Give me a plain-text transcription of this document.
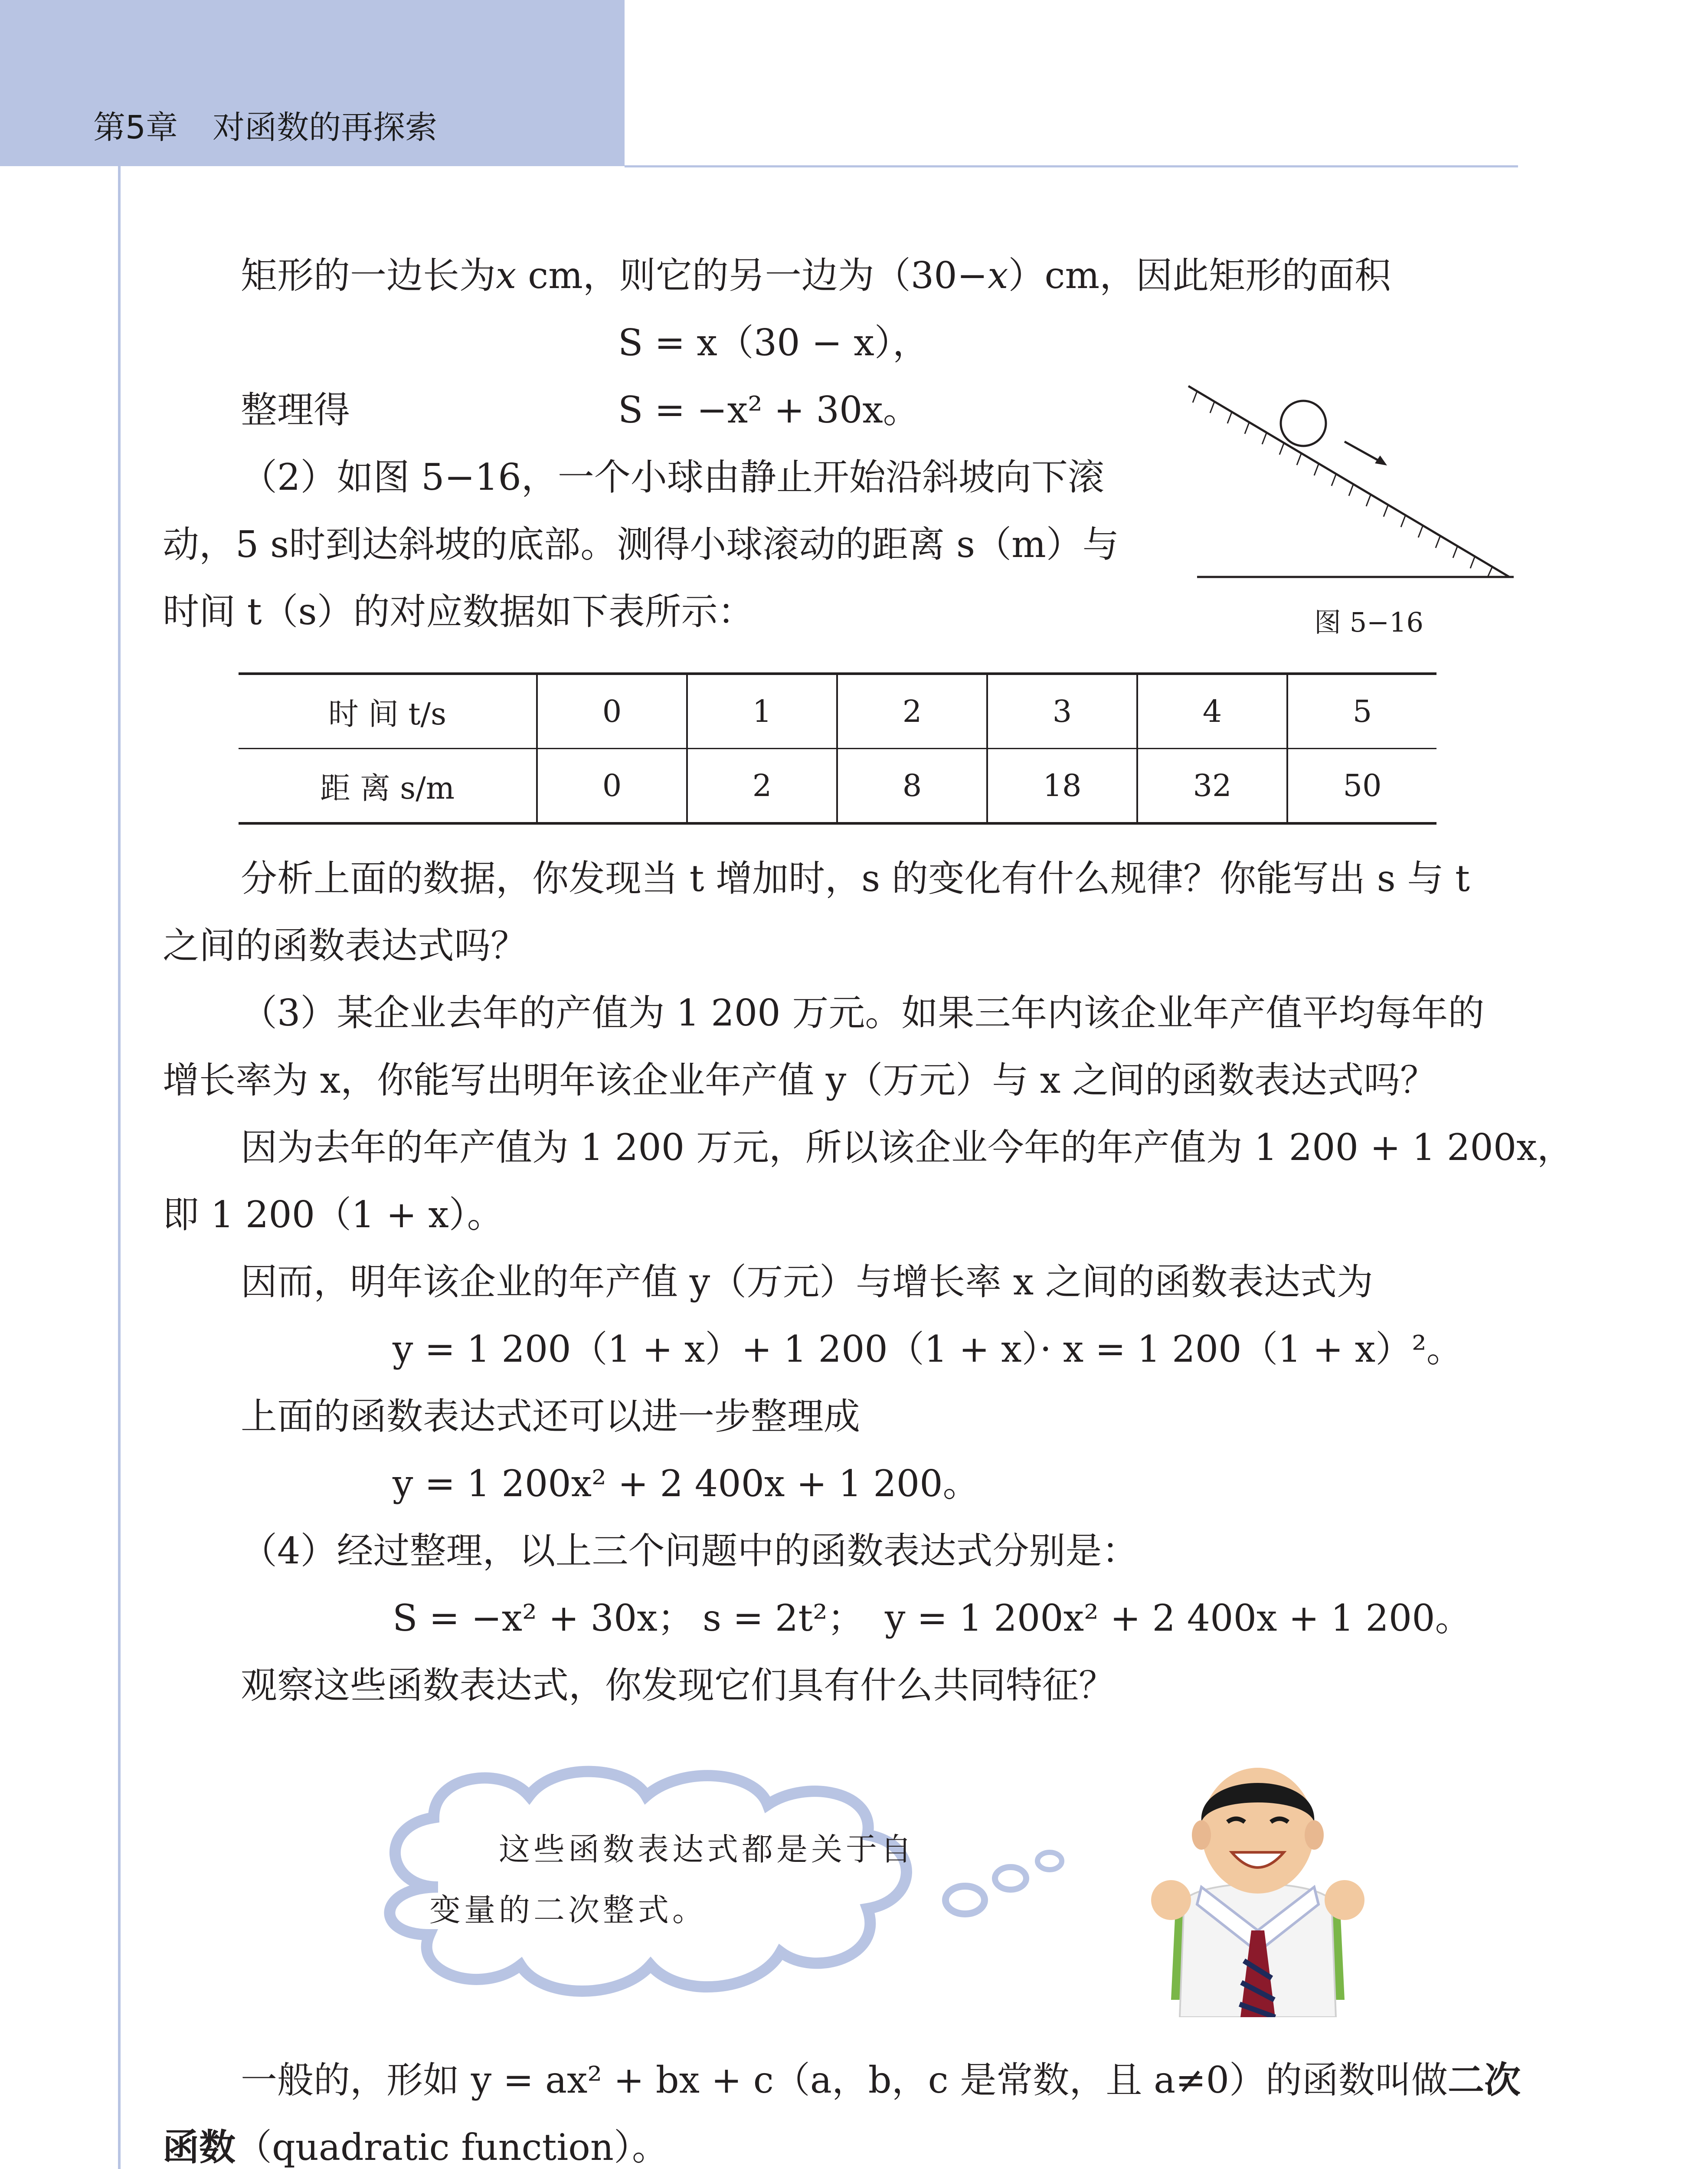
第5章 对函数的再探索
矩形的一边长为x cm，则它的另一边为（30−x）cm，因此矩形的面积
S = x（30 − x），
整理得	S = −x² + 30x。
（2）如图 5−16，一个小球由静止开始沿斜坡向下滚
动，5 s时到达斜坡的底部。测得小球滚动的距离 s（m）与
时间 t（s）的对应数据如下表所示：	图 5−16
时 间 t/s	0	1	2	3	4	5
距 离 s/m	0	2	8	18	32	50
分析上面的数据，你发现当 t 增加时，s 的变化有什么规律？你能写出 s 与 t
之间的函数表达式吗？
（3）某企业去年的产值为 1 200 万元。如果三年内该企业年产值平均每年的
增长率为 x，你能写出明年该企业年产值 y（万元）与 x 之间的函数表达式吗？
因为去年的年产值为 1 200 万元，所以该企业今年的年产值为 1 200 + 1 200x，
即 1 200（1 + x）。
因而，明年该企业的年产值 y（万元）与增长率 x 之间的函数表达式为
y = 1 200（1 + x）+ 1 200（1 + x）· x = 1 200（1 + x）²。
上面的函数表达式还可以进一步整理成
y = 1 200x² + 2 400x + 1 200。
（4）经过整理，以上三个问题中的函数表达式分别是：
S = −x² + 30x； s = 2t²； y = 1 200x² + 2 400x + 1 200。
观察这些函数表达式，你发现它们具有什么共同特征？
这些函数表达式都是关于自
变量的二次整式。
一般的，形如 y = ax² + bx + c（a，b，c 是常数，且 a≠0）的函数叫做二次
函数（quadratic function）。
